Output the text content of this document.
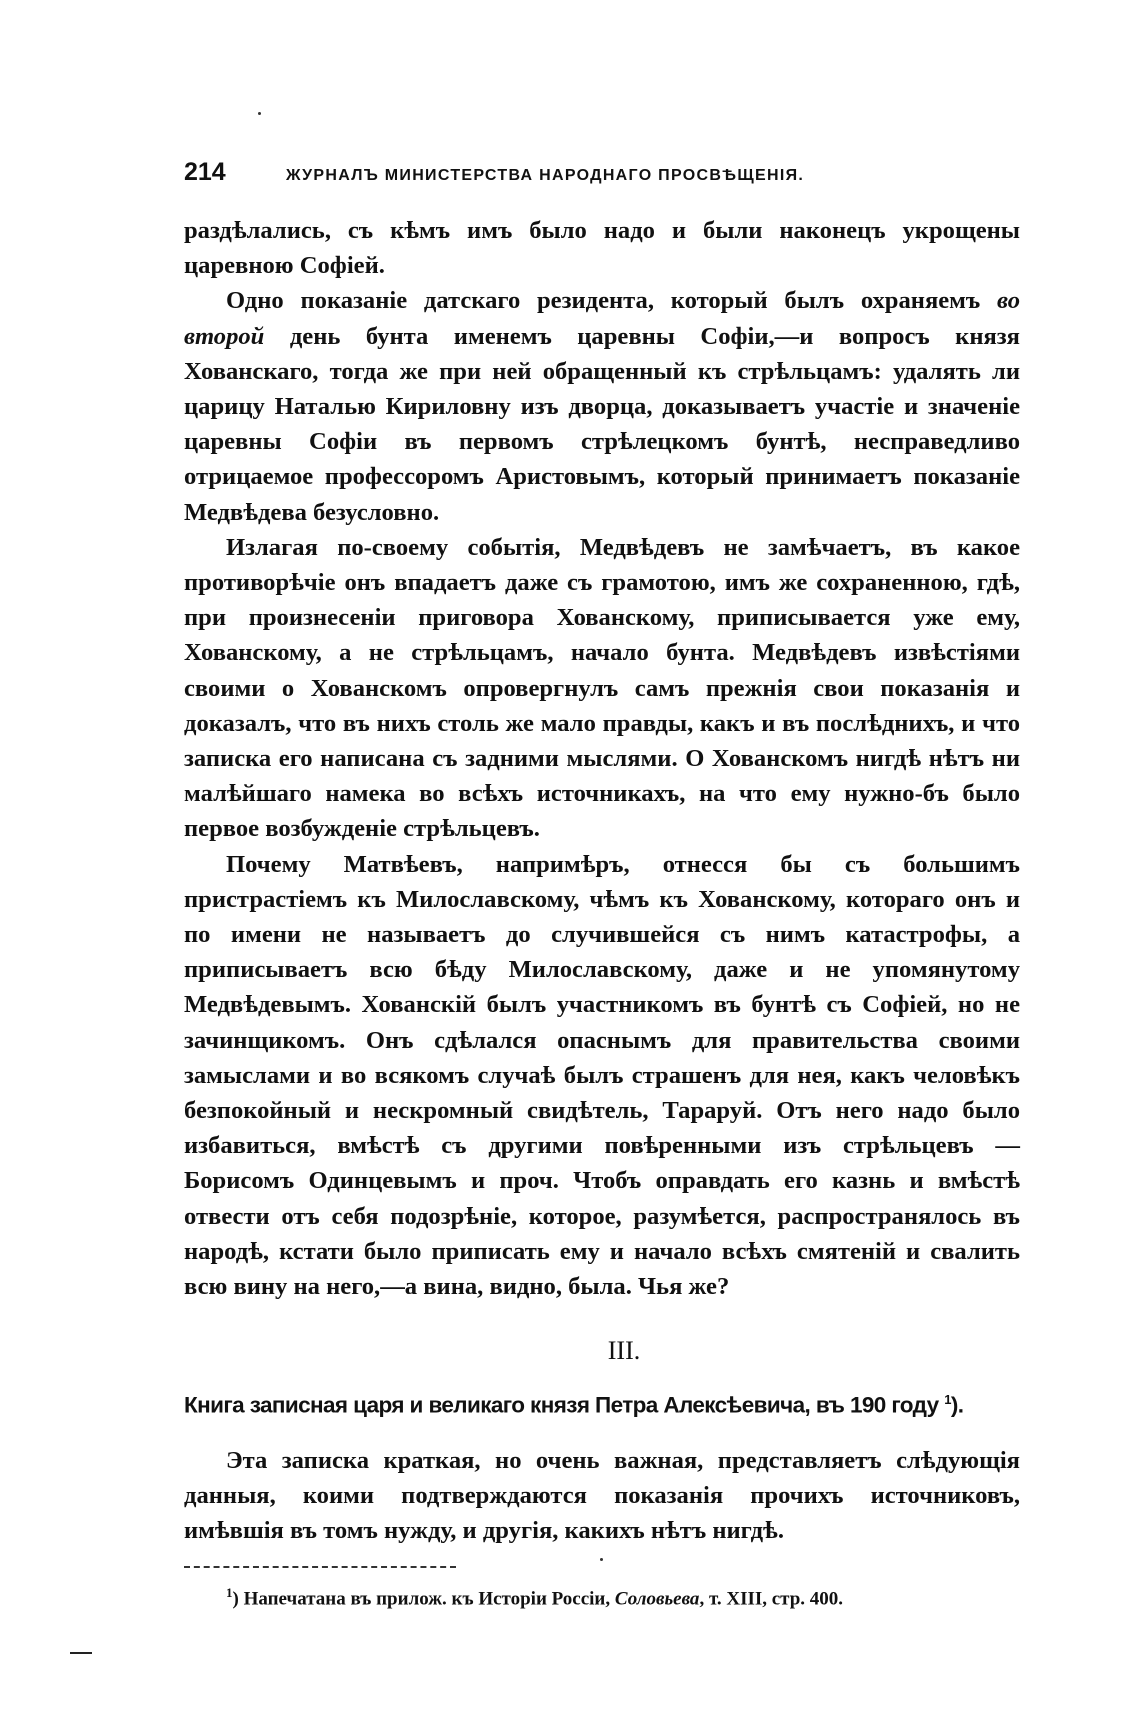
214	ЖУРНАЛЪ МИНИСТЕРСТВА НАРОДНАГО ПРОСВѢЩЕНІЯ.

раздѣлались, съ кѣмъ имъ было надо и были наконецъ укрощены царевною Софіей.

Одно показаніе датскаго резидента, который былъ охраняемъ во второй день бунта именемъ царевны Софіи,—и вопросъ князя Хованскаго, тогда же при ней обращенный къ стрѣльцамъ: удалять ли царицу Наталью Кириловну изъ дворца, доказываетъ участіе и значеніе царевны Софіи въ первомъ стрѣлецкомъ бунтѣ, несправедливо отрицаемое профессоромъ Аристовымъ, который принимаетъ показаніе Медвѣдева безусловно.

Излагая по-своему событія, Медвѣдевъ не замѣчаетъ, въ какое противорѣчіе онъ впадаетъ даже съ грамотою, имъ же сохраненною, гдѣ, при произнесеніи приговора Хованскому, приписывается уже ему, Хованскому, а не стрѣльцамъ, начало бунта. Медвѣдевъ извѣстіями своими о Хованскомъ опровергнулъ самъ прежнія свои показанія и доказалъ, что въ нихъ столь же мало правды, какъ и въ послѣднихъ, и что записка его написана съ задними мыслями. О Хованскомъ нигдѣ нѣтъ ни малѣйшаго намека во всѣхъ источникахъ, на что ему нужно-бъ было первое возбужденіе стрѣльцевъ.

Почему Матвѣевъ, напримѣръ, отнесся бы съ большимъ пристрастіемъ къ Милославскому, чѣмъ къ Хованскому, котораго онъ и по имени не называетъ до случившейся съ нимъ катастрофы, а приписываетъ всю бѣду Милославскому, даже и не упомянутому Медвѣдевымъ. Хованскій былъ участникомъ въ бунтѣ съ Софіей, но не зачинщикомъ. Онъ сдѣлался опаснымъ для правительства своими замыслами и во всякомъ случаѣ былъ страшенъ для нея, какъ человѣкъ безпокойный и нескромный свидѣтель, Тараруй. Отъ него надо было избавиться, вмѣстѣ съ другими повѣренными изъ стрѣльцевъ — Борисомъ Одинцевымъ и проч. Чтобъ оправдать его казнь и вмѣстѣ отвести отъ себя подозрѣніе, которое, разумѣется, распространялось въ народѣ, кстати было приписать ему и начало всѣхъ смятеній и свалить всю вину на него,—а вина, видно, была. Чья же?

III.
Книга записная царя и великаго князя Петра Алексѣевича, въ 190 году $^1$).

Эта записка краткая, но очень важная, представляетъ слѣдующія данныя, коими подтверждаются показанія прочихъ источниковъ, имѣвшія въ томъ нужду, и другія, какихъ нѣтъ нигдѣ.

$^1$) Напечатана въ прилож. къ Исторіи Россіи, Соловьева, т. XIII, стр. 400.
